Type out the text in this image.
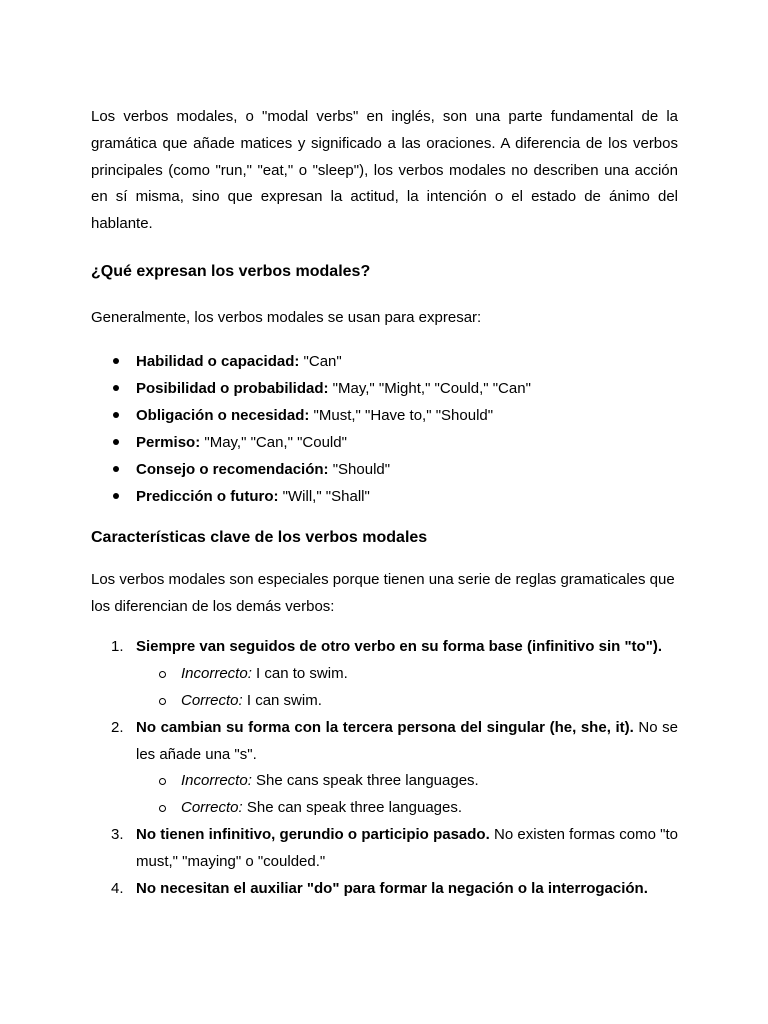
Los verbos modales, o "modal verbs" en inglés, son una parte fundamental de la gramática que añade matices y significado a las oraciones. A diferencia de los verbos principales (como "run," "eat," o "sleep"), los verbos modales no describen una acción en sí misma, sino que expresan la actitud, la intención o el estado de ánimo del hablante.

¿Qué expresan los verbos modales?

Generalmente, los verbos modales se usan para expresar:

Habilidad o capacidad: "Can"
Posibilidad o probabilidad: "May," "Might," "Could," "Can"
Obligación o necesidad: "Must," "Have to," "Should"
Permiso: "May," "Can," "Could"
Consejo o recomendación: "Should"
Predicción o futuro: "Will," "Shall"
Características clave de los verbos modales

Los verbos modales son especiales porque tienen una serie de reglas gramaticales que los diferencian de los demás verbos:

1. Siempre van seguidos de otro verbo en su forma base (infinitivo sin "to").

Incorrecto: I can to swim.
Correcto: I can swim.
2. No cambian su forma con la tercera persona del singular (he, she, it). No se les añade una "s".

Incorrecto: She cans speak three languages.
Correcto: She can speak three languages.
3. No tienen infinitivo, gerundio o participio pasado. No existen formas como "to must," "maying" o "coulded."

4. No necesitan el auxiliar "do" para formar la negación o la interrogación.
